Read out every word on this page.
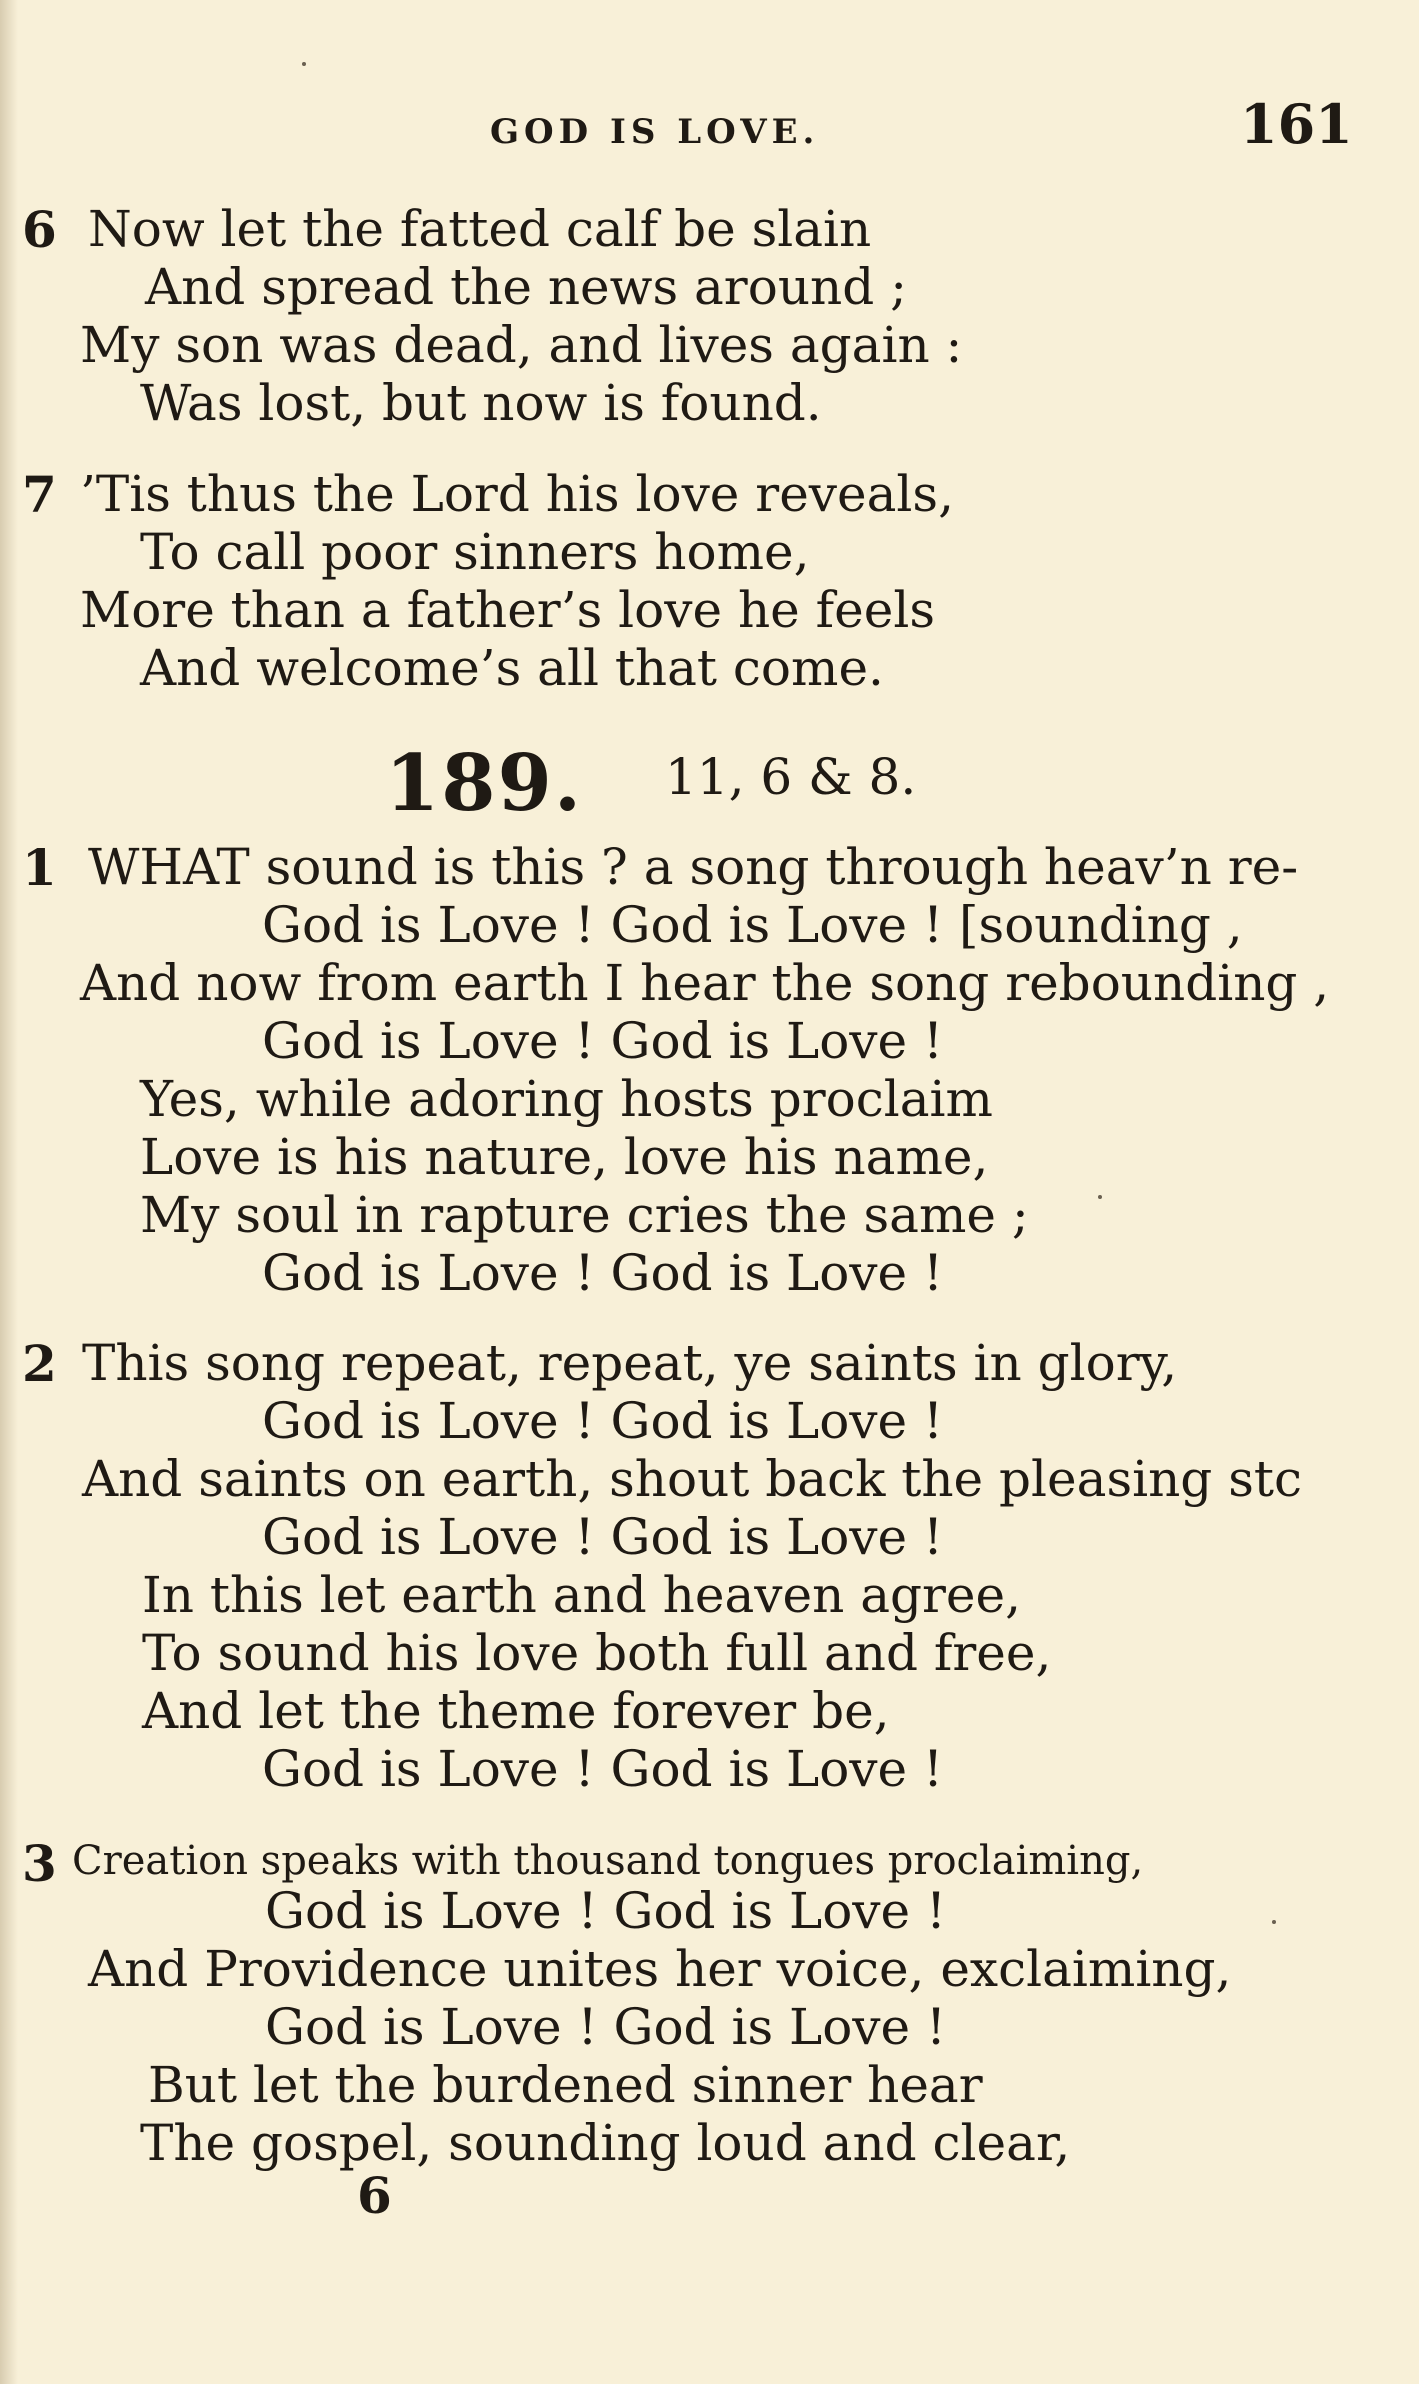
GOD IS LOVE.	161
6 Now let the fatted calf be slain
And spread the news around ;
My son was dead, and lives again :
Was lost, but now is found.
7 ’Tis thus the Lord his love reveals,
To call poor sinners home,
More than a father’s love he feels
And welcome’s all that come.
189. 11, 6 & 8.
1 WHAT sound is this ? a song through heav’n re-
God is Love ! God is Love ! [sounding ,
And now from earth I hear the song rebounding ,
God is Love ! God is Love !
Yes, while adoring hosts proclaim
Love is his nature, love his name,
My soul in rapture cries the same ;
God is Love ! God is Love !
2 This song repeat, repeat, ye saints in glory,
God is Love ! God is Love !
And saints on earth, shout back the pleasing stc
God is Love ! God is Love !
In this let earth and heaven agree,
To sound his love both full and free,
And let the theme forever be,
God is Love ! God is Love !
3 Creation speaks with thousand tongues proclaiming,
God is Love ! God is Love !
And Providence unites her voice, exclaiming,
God is Love ! God is Love !
But let the burdened sinner hear
The gospel, sounding loud and clear,
6
